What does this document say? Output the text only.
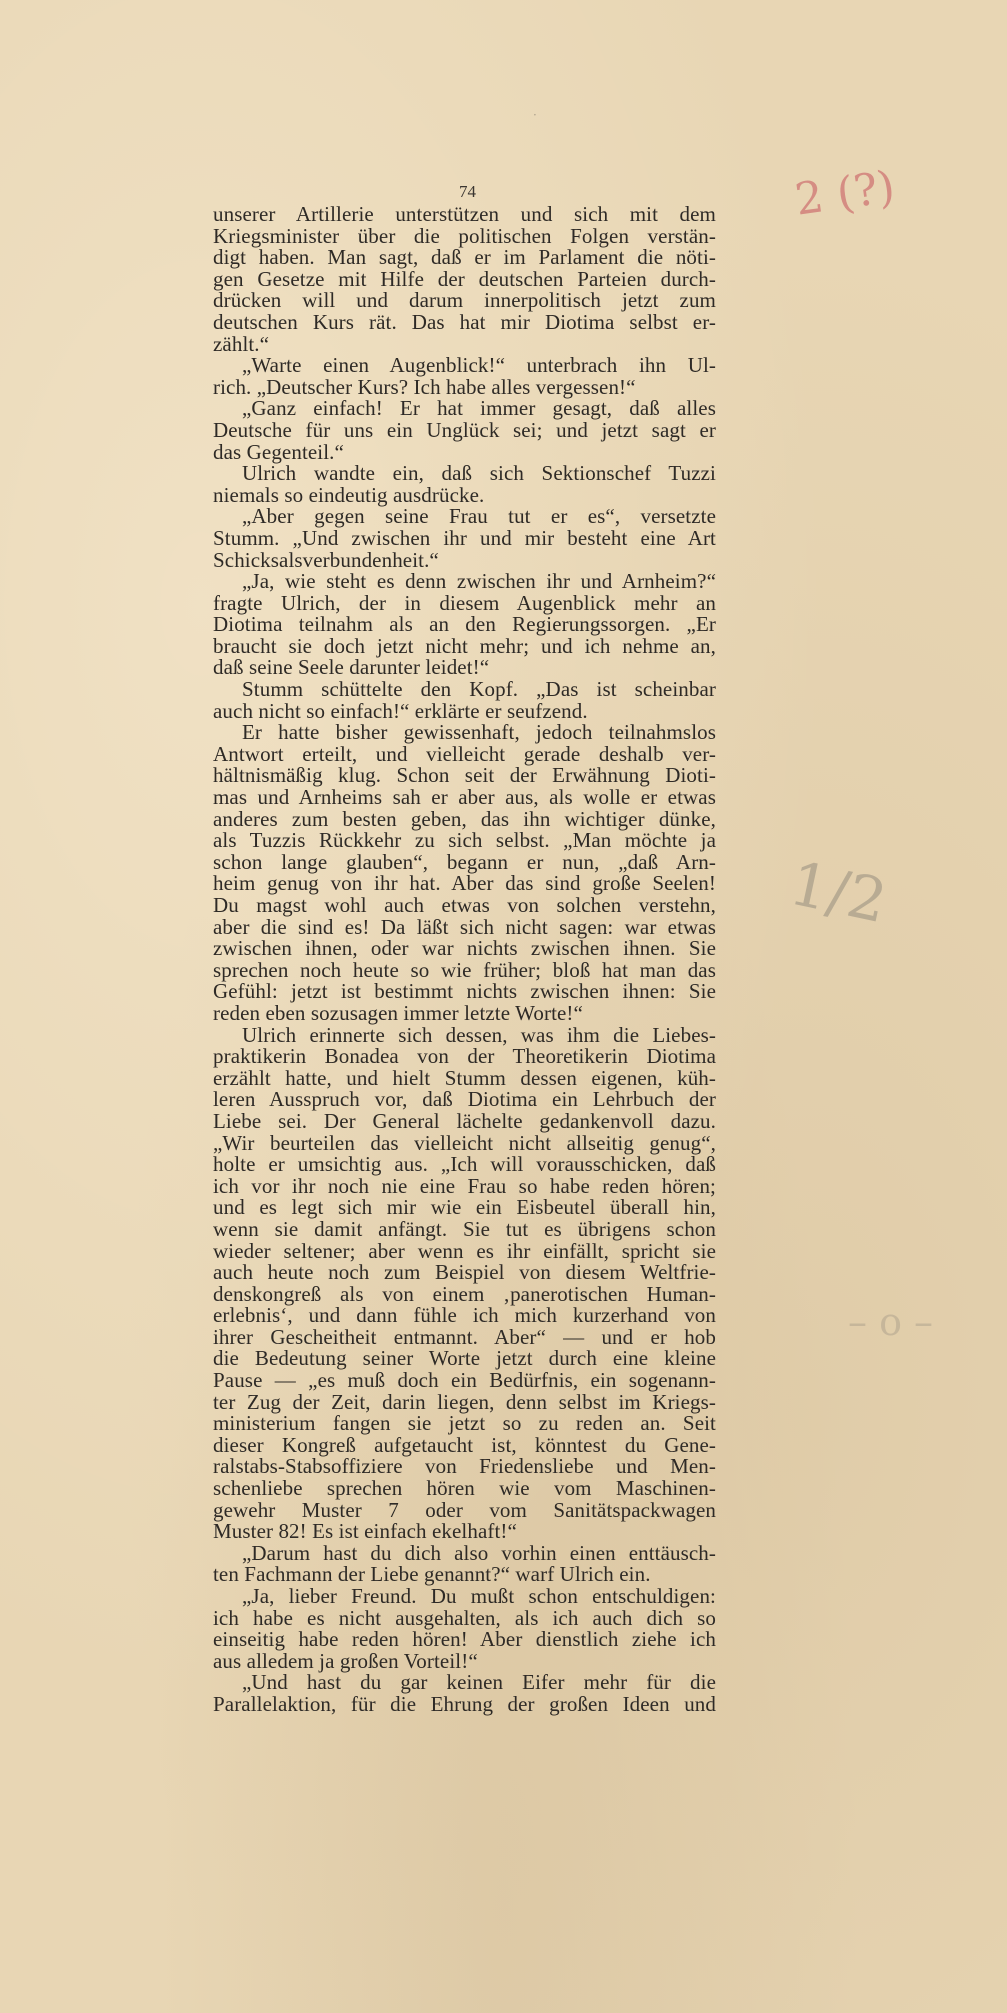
·
74	2 (?)
1/2
– o –
unserer Artillerie unterstützen und sich mit dem
Kriegsminister über die politischen Folgen verstän-
digt haben. Man sagt, daß er im Parlament die nöti-
gen Gesetze mit Hilfe der deutschen Parteien durch-
drücken will und darum innerpolitisch jetzt zum
deutschen Kurs rät. Das hat mir Diotima selbst er-
zählt.“
„Warte einen Augenblick!“ unterbrach ihn Ul-
rich. „Deutscher Kurs? Ich habe alles vergessen!“
„Ganz einfach! Er hat immer gesagt, daß alles
Deutsche für uns ein Unglück sei; und jetzt sagt er
das Gegenteil.“
Ulrich wandte ein, daß sich Sektionschef Tuzzi
niemals so eindeutig ausdrücke.
„Aber gegen seine Frau tut er es“, versetzte
Stumm. „Und zwischen ihr und mir besteht eine Art
Schicksalsverbundenheit.“
„Ja, wie steht es denn zwischen ihr und Arnheim?“
fragte Ulrich, der in diesem Augenblick mehr an
Diotima teilnahm als an den Regierungssorgen. „Er
braucht sie doch jetzt nicht mehr; und ich nehme an,
daß seine Seele darunter leidet!“
Stumm schüttelte den Kopf. „Das ist scheinbar
auch nicht so einfach!“ erklärte er seufzend.
Er hatte bisher gewissenhaft, jedoch teilnahmslos
Antwort erteilt, und vielleicht gerade deshalb ver-
hältnismäßig klug. Schon seit der Erwähnung Dioti-
mas und Arnheims sah er aber aus, als wolle er etwas
anderes zum besten geben, das ihn wichtiger dünke,
als Tuzzis Rückkehr zu sich selbst. „Man möchte ja
schon lange glauben“, begann er nun, „daß Arn-
heim genug von ihr hat. Aber das sind große Seelen!
Du magst wohl auch etwas von solchen verstehn,
aber die sind es! Da läßt sich nicht sagen: war etwas
zwischen ihnen, oder war nichts zwischen ihnen. Sie
sprechen noch heute so wie früher; bloß hat man das
Gefühl: jetzt ist bestimmt nichts zwischen ihnen: Sie
reden eben sozusagen immer letzte Worte!“
Ulrich erinnerte sich dessen, was ihm die Liebes-
praktikerin Bonadea von der Theoretikerin Diotima
erzählt hatte, und hielt Stumm dessen eigenen, küh-
leren Ausspruch vor, daß Diotima ein Lehrbuch der
Liebe sei. Der General lächelte gedankenvoll dazu.
„Wir beurteilen das vielleicht nicht allseitig genug“,
holte er umsichtig aus. „Ich will vorausschicken, daß
ich vor ihr noch nie eine Frau so habe reden hören;
und es legt sich mir wie ein Eisbeutel überall hin,
wenn sie damit anfängt. Sie tut es übrigens schon
wieder seltener; aber wenn es ihr einfällt, spricht sie
auch heute noch zum Beispiel von diesem Weltfrie-
denskongreß als von einem ‚panerotischen Human-
erlebnis‘, und dann fühle ich mich kurzerhand von
ihrer Gescheitheit entmannt. Aber“ — und er hob
die Bedeutung seiner Worte jetzt durch eine kleine
Pause — „es muß doch ein Bedürfnis, ein sogenann-
ter Zug der Zeit, darin liegen, denn selbst im Kriegs-
ministerium fangen sie jetzt so zu reden an. Seit
dieser Kongreß aufgetaucht ist, könntest du Gene-
ralstabs-Stabsoffiziere von Friedensliebe und Men-
schenliebe sprechen hören wie vom Maschinen-
gewehr Muster 7 oder vom Sanitätspackwagen
Muster 82! Es ist einfach ekelhaft!“
„Darum hast du dich also vorhin einen enttäusch-
ten Fachmann der Liebe genannt?“ warf Ulrich ein.
„Ja, lieber Freund. Du mußt schon entschuldigen:
ich habe es nicht ausgehalten, als ich auch dich so
einseitig habe reden hören! Aber dienstlich ziehe ich
aus alledem ja großen Vorteil!“
„Und hast du gar keinen Eifer mehr für die
Parallelaktion, für die Ehrung der großen Ideen und
